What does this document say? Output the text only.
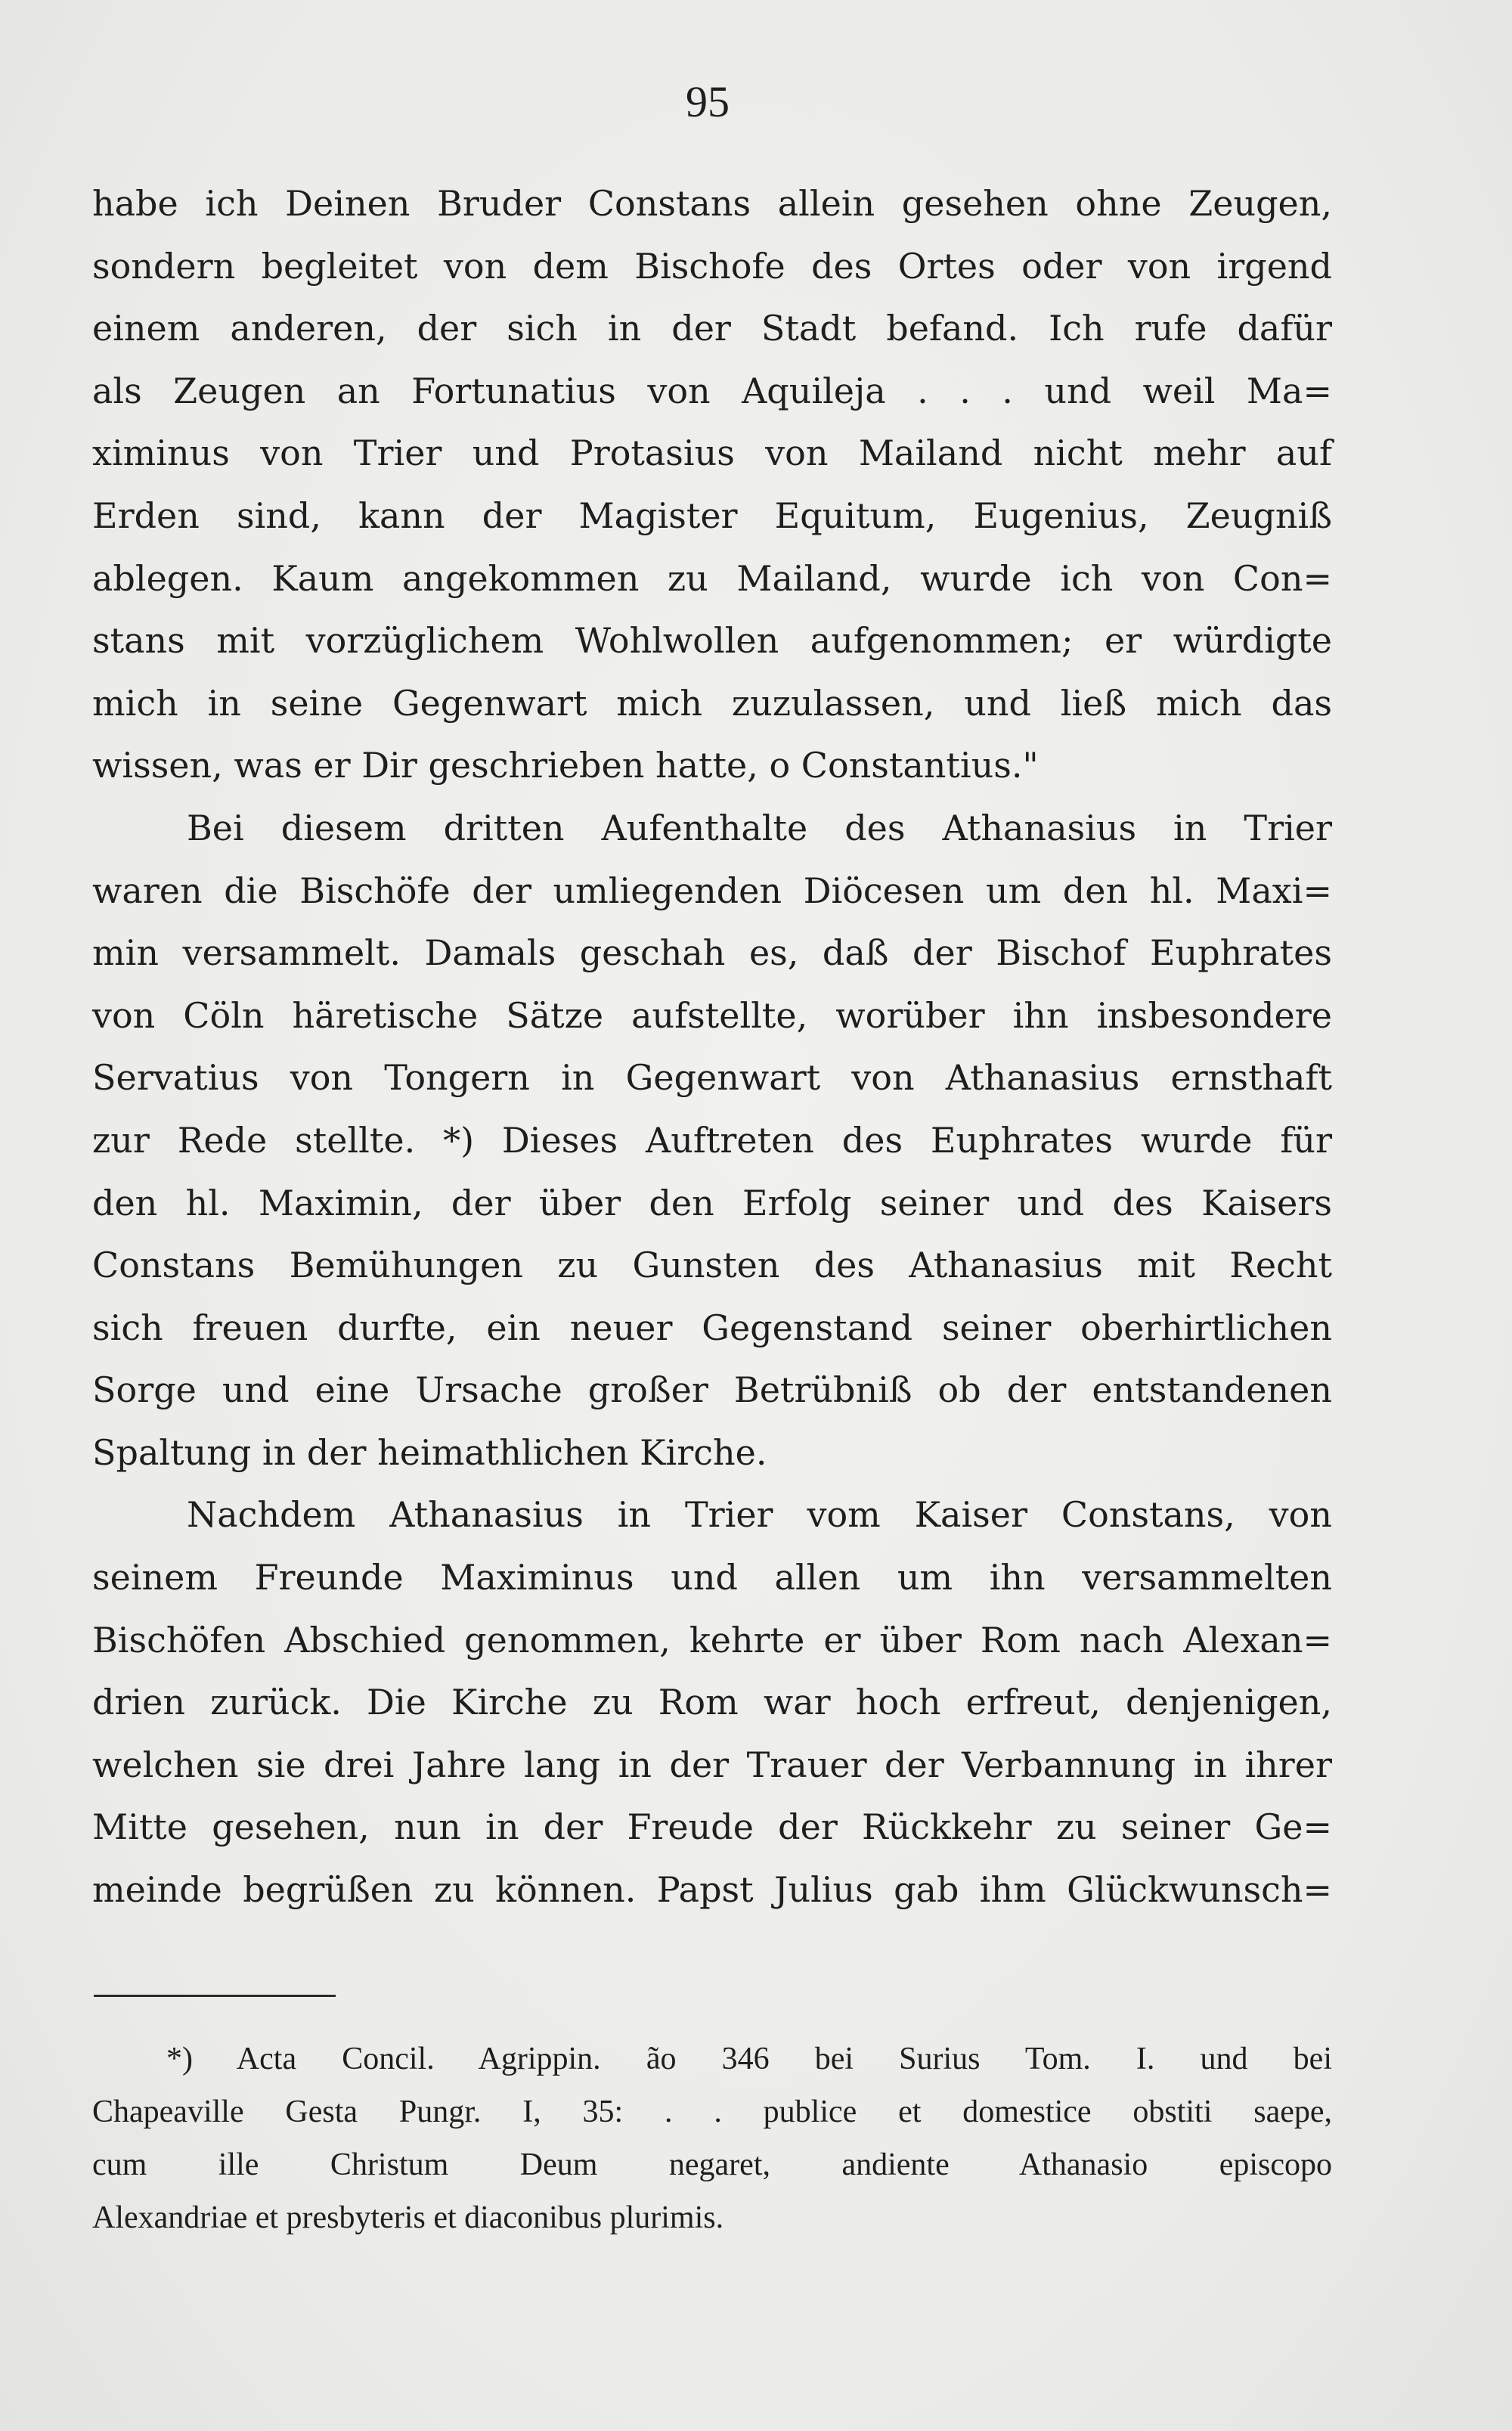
95
habe ich Deinen Bruder Constans allein gesehen ohne Zeugen,
sondern begleitet von dem Bischofe des Ortes oder von irgend
einem anderen, der sich in der Stadt befand. Ich rufe dafür
als Zeugen an Fortunatius von Aquileja . . . und weil Ma=
ximinus von Trier und Protasius von Mailand nicht mehr auf
Erden sind, kann der Magister Equitum, Eugenius, Zeugniß
ablegen. Kaum angekommen zu Mailand, wurde ich von Con=
stans mit vorzüglichem Wohlwollen aufgenommen; er würdigte
mich in seine Gegenwart mich zuzulassen, und ließ mich das
wissen, was er Dir geschrieben hatte, o Constantius."
Bei diesem dritten Aufenthalte des Athanasius in Trier
waren die Bischöfe der umliegenden Diöcesen um den hl. Maxi=
min versammelt. Damals geschah es, daß der Bischof Euphrates
von Cöln häretische Sätze aufstellte, worüber ihn insbesondere
Servatius von Tongern in Gegenwart von Athanasius ernsthaft
zur Rede stellte. *) Dieses Auftreten des Euphrates wurde für
den hl. Maximin, der über den Erfolg seiner und des Kaisers
Constans Bemühungen zu Gunsten des Athanasius mit Recht
sich freuen durfte, ein neuer Gegenstand seiner oberhirtlichen
Sorge und eine Ursache großer Betrübniß ob der entstandenen
Spaltung in der heimathlichen Kirche.
Nachdem Athanasius in Trier vom Kaiser Constans, von
seinem Freunde Maximinus und allen um ihn versammelten
Bischöfen Abschied genommen, kehrte er über Rom nach Alexan=
drien zurück. Die Kirche zu Rom war hoch erfreut, denjenigen,
welchen sie drei Jahre lang in der Trauer der Verbannung in ihrer
Mitte gesehen, nun in der Freude der Rückkehr zu seiner Ge=
meinde begrüßen zu können. Papst Julius gab ihm Glückwunsch=
*) Acta Concil. Agrippin. ão 346 bei Surius Tom. I. und bei
Chapeaville Gesta Pungr. I, 35: . . publice et domestice obstiti saepe,
cum ille Christum Deum negaret, andiente Athanasio episcopo
Alexandriae et presbyteris et diaconibus plurimis.
